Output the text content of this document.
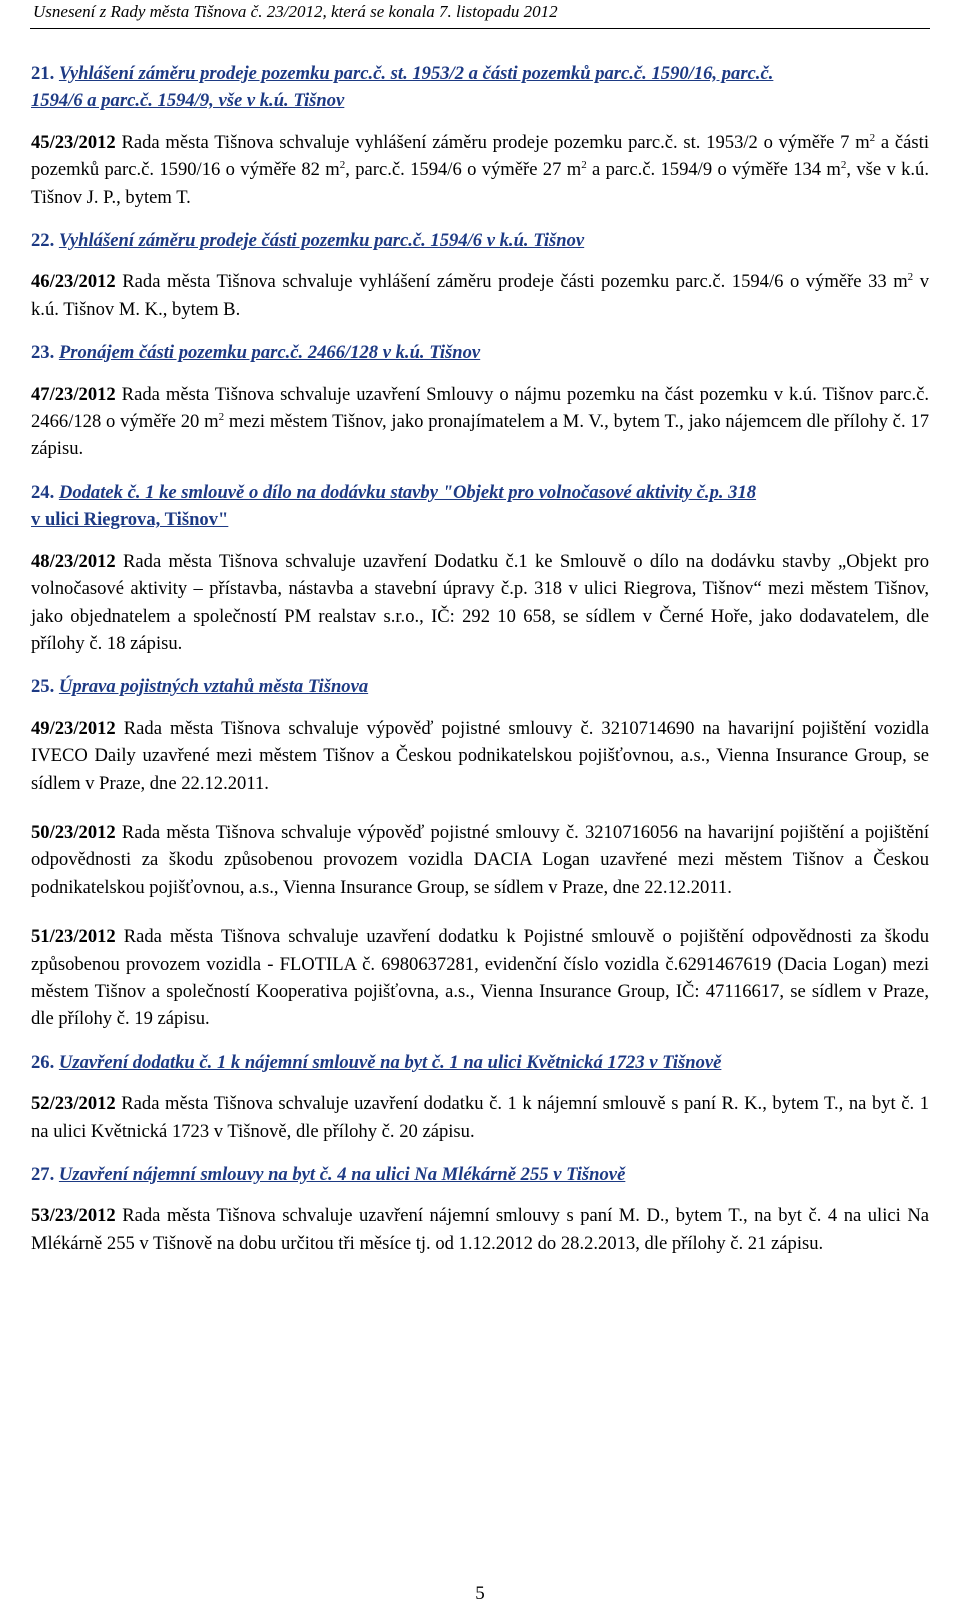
Usnesení z Rady města Tišnova č. 23/2012, která se konala 7. listopadu 2012

21. Vyhlášení záměru prodeje pozemku parc.č. st. 1953/2 a části pozemků parc.č. 1590/16, parc.č.
1594/6 a parc.č. 1594/9, vše v k.ú. Tišnov

45/23/2012 Rada města Tišnova schvaluje vyhlášení záměru prodeje pozemku parc.č. st. 1953/2 o výměře 7 $m^2$ a části pozemků parc.č. 1590/16 o výměře 82 $m^2$, parc.č. 1594/6 o výměře 27 $m^2$ a parc.č. 1594/9 o výměře 134 $m^2$, vše v k.ú. Tišnov J. P., bytem T.

22. Vyhlášení záměru prodeje části pozemku parc.č. 1594/6 v k.ú. Tišnov

46/23/2012 Rada města Tišnova schvaluje vyhlášení záměru prodeje části pozemku parc.č. 1594/6 o výměře 33 $m^2$ v k.ú. Tišnov M. K., bytem B.

23. Pronájem části pozemku parc.č. 2466/128 v k.ú. Tišnov

47/23/2012 Rada města Tišnova schvaluje uzavření Smlouvy o nájmu pozemku na část pozemku v k.ú. Tišnov parc.č. 2466/128 o výměře 20 $m^2$ mezi městem Tišnov, jako pronajímatelem a M. V., bytem T., jako nájemcem dle přílohy č. 17 zápisu.

24. Dodatek č. 1 ke smlouvě o dílo na dodávku stavby "Objekt pro volnočasové aktivity č.p. 318
v ulici Riegrova, Tišnov"

48/23/2012 Rada města Tišnova schvaluje uzavření Dodatku č.1 ke Smlouvě o dílo na dodávku stavby „Objekt pro volnočasové aktivity – přístavba, nástavba a stavební úpravy č.p. 318 v ulici Riegrova, Tišnov“ mezi městem Tišnov, jako objednatelem a společností PM realstav s.r.o., IČ: 292 10 658, se sídlem v Černé Hoře, jako dodavatelem, dle přílohy č. 18 zápisu.

25. Úprava pojistných vztahů města Tišnova

49/23/2012 Rada města Tišnova schvaluje výpověď pojistné smlouvy č. 3210714690 na havarijní pojištění vozidla IVECO Daily uzavřené mezi městem Tišnov a Českou podnikatelskou pojišťovnou, a.s., Vienna Insurance Group, se sídlem v Praze, dne 22.12.2011.

50/23/2012 Rada města Tišnova schvaluje výpověď pojistné smlouvy č. 3210716056 na havarijní pojištění a pojištění odpovědnosti za škodu způsobenou provozem vozidla DACIA Logan uzavřené mezi městem Tišnov a Českou podnikatelskou pojišťovnou, a.s., Vienna Insurance Group, se sídlem v Praze, dne 22.12.2011.

51/23/2012 Rada města Tišnova schvaluje uzavření dodatku k Pojistné smlouvě o pojištění odpovědnosti za škodu způsobenou provozem vozidla - FLOTILA č. 6980637281, evidenční číslo vozidla č.6291467619 (Dacia Logan) mezi městem Tišnov a společností Kooperativa pojišťovna, a.s., Vienna Insurance Group, IČ: 47116617, se sídlem v Praze, dle přílohy č. 19 zápisu.

26. Uzavření dodatku č. 1 k nájemní smlouvě na byt č. 1 na ulici Květnická 1723 v Tišnově

52/23/2012 Rada města Tišnova schvaluje uzavření dodatku č. 1 k nájemní smlouvě s paní R. K., bytem T., na byt č. 1 na ulici Květnická 1723 v Tišnově, dle přílohy č. 20 zápisu.

27. Uzavření nájemní smlouvy na byt č. 4 na ulici Na Mlékárně 255 v Tišnově

53/23/2012 Rada města Tišnova schvaluje uzavření nájemní smlouvy s paní M. D., bytem T., na byt č. 4 na ulici Na Mlékárně 255 v Tišnově na dobu určitou tři měsíce tj. od 1.12.2012 do 28.2.2013, dle přílohy č. 21 zápisu.

5
